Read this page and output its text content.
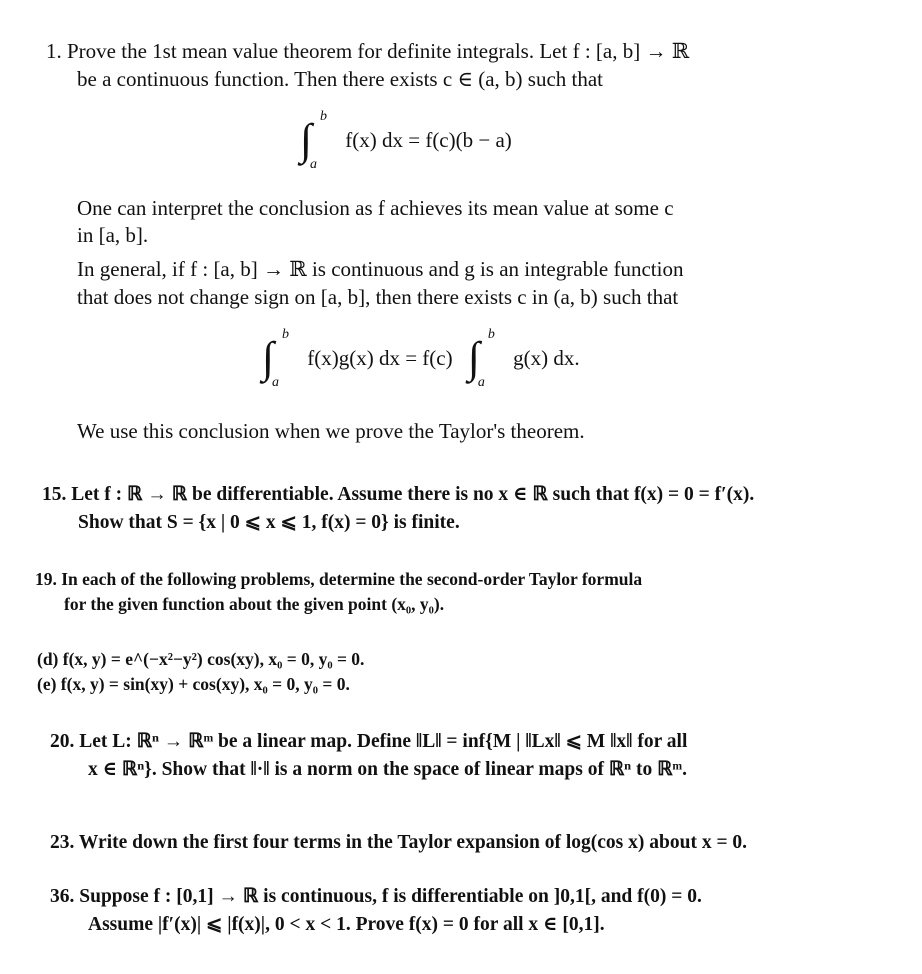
1. Prove the 1st mean value theorem for definite integrals. Let f : [a, b] → ℝ
be a continuous function. Then there exists c ∈ (a, b) such that
∫ b
a
f(x) dx = f(c)(b − a)
One can interpret the conclusion as f achieves its mean value at some c
in [a, b].
In general, if f : [a, b] → ℝ is continuous and g is an integrable function
that does not change sign on [a, b], then there exists c in (a, b) such that
∫ b
a
f(x)g(x) dx = f(c) ∫ b
a
g(x) dx.
We use this conclusion when we prove the Taylor's theorem.
15. Let f : ℝ → ℝ be differentiable. Assume there is no x ∈ ℝ such that f(x) = 0 = f′(x).
Show that S = {x | 0 ⩽ x ⩽ 1, f(x) = 0} is finite.
19. In each of the following problems, determine the second-order Taylor formula
for the given function about the given point (x₀, y₀).
(d) f(x, y) = e^(−x²−y²) cos(xy), x₀ = 0, y₀ = 0.
(e) f(x, y) = sin(xy) + cos(xy), x₀ = 0, y₀ = 0.
20. Let L: ℝⁿ → ℝᵐ be a linear map. Define ‖L‖ = inf{M | ‖Lx‖ ⩽ M ‖x‖ for all
x ∈ ℝⁿ}. Show that ‖·‖ is a norm on the space of linear maps of ℝⁿ to ℝᵐ.
23. Write down the first four terms in the Taylor expansion of log(cos x) about x = 0.
36. Suppose f : [0,1] → ℝ is continuous, f is differentiable on ]0,1[, and f(0) = 0.
Assume |f′(x)| ⩽ |f(x)|, 0 < x < 1. Prove f(x) = 0 for all x ∈ [0,1].
